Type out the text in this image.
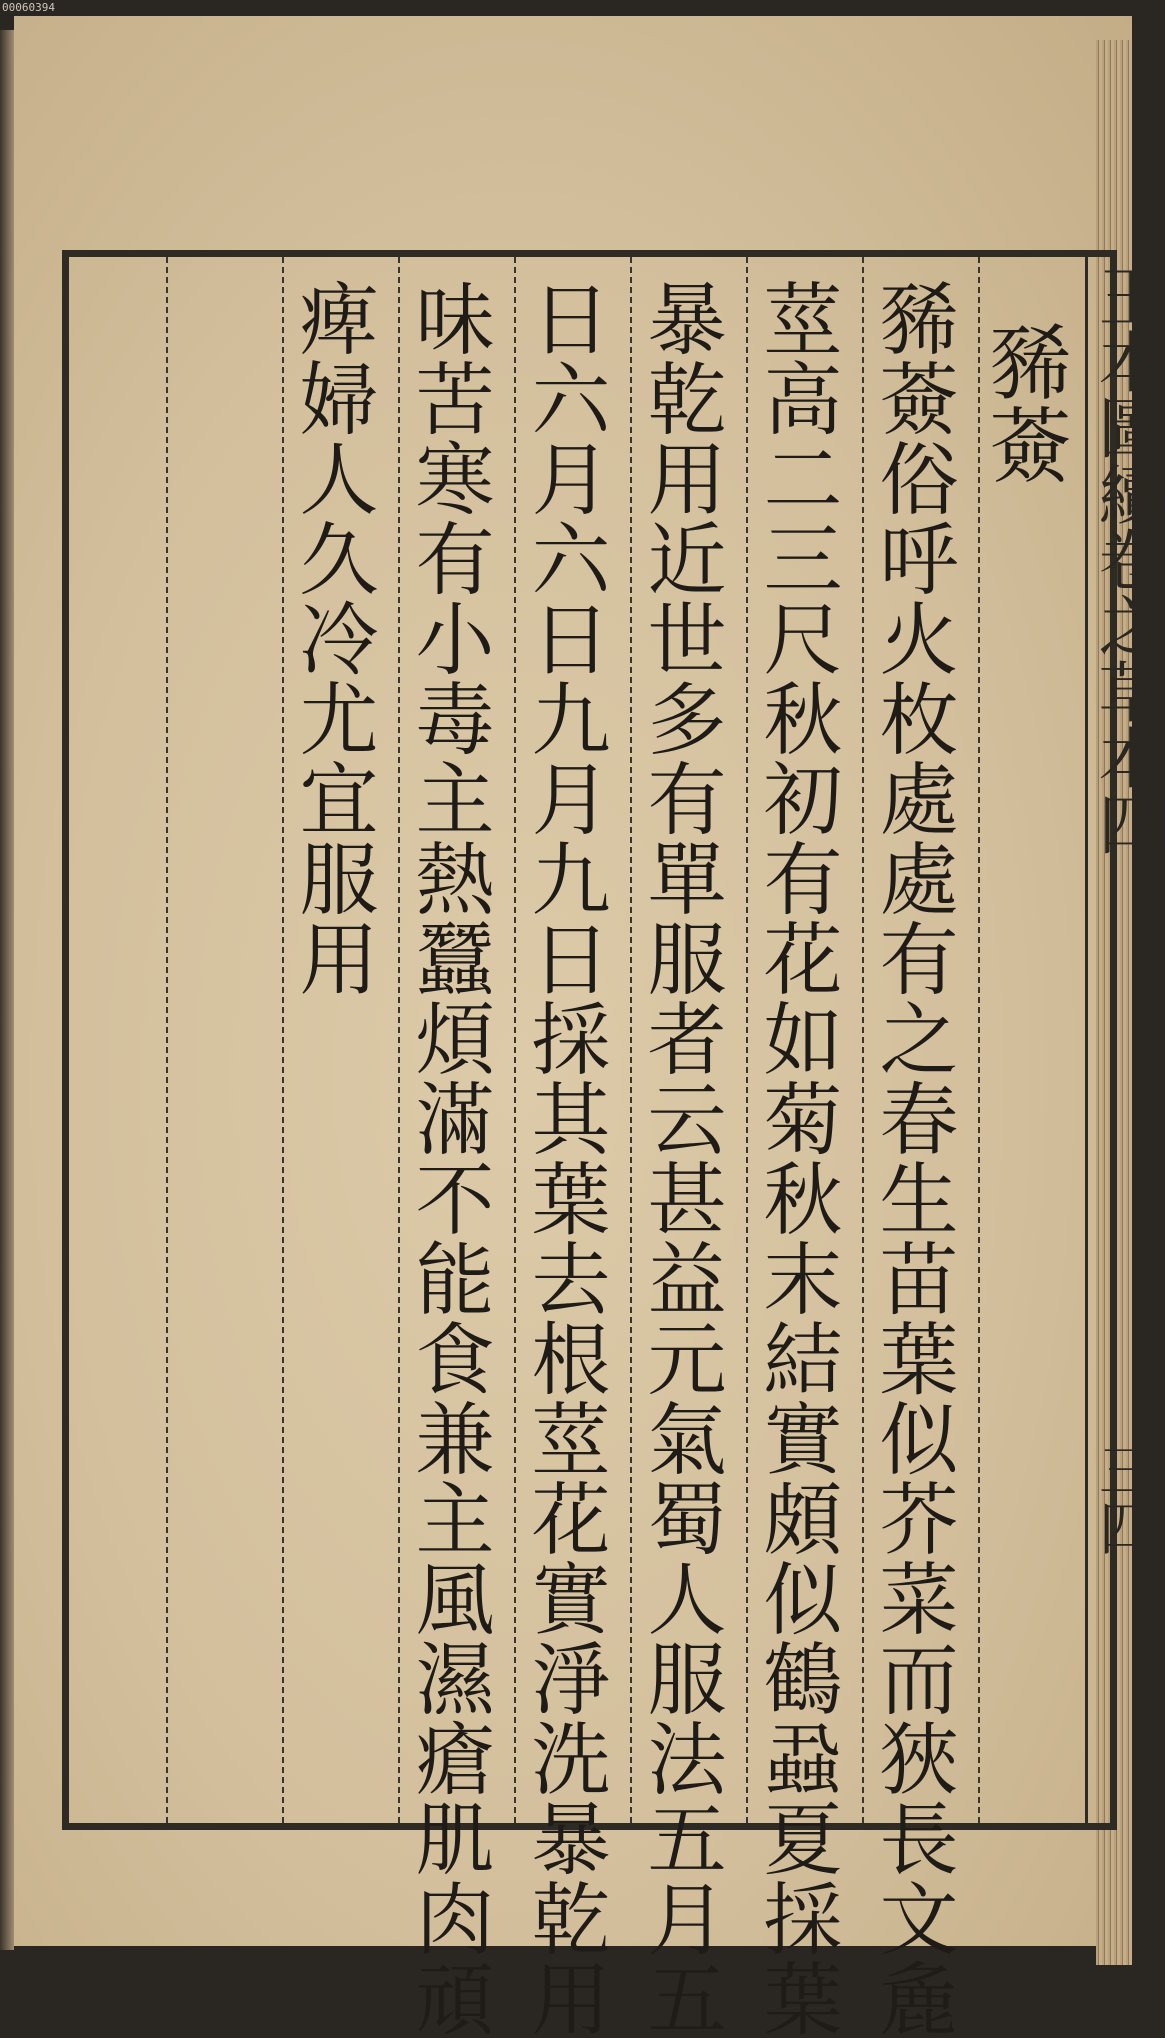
00060394
王本圖續卷之草本四
三四
豨薟
豨薟俗呼火枚處處有之春生苗葉似芥菜而狹長文麁
莖高二三尺秋初有花如菊秋末結實頗似鶴蝨夏採葉
暴乾用近世多有單服者云甚益元氣蜀人服法五月五
日六月六日九月九日採其葉去根莖花實淨洗暴乾用
味苦寒有小毒主熱蠶煩滿不能食兼主風濕瘡肌肉頑
痺婦人久冷尤宜服用
